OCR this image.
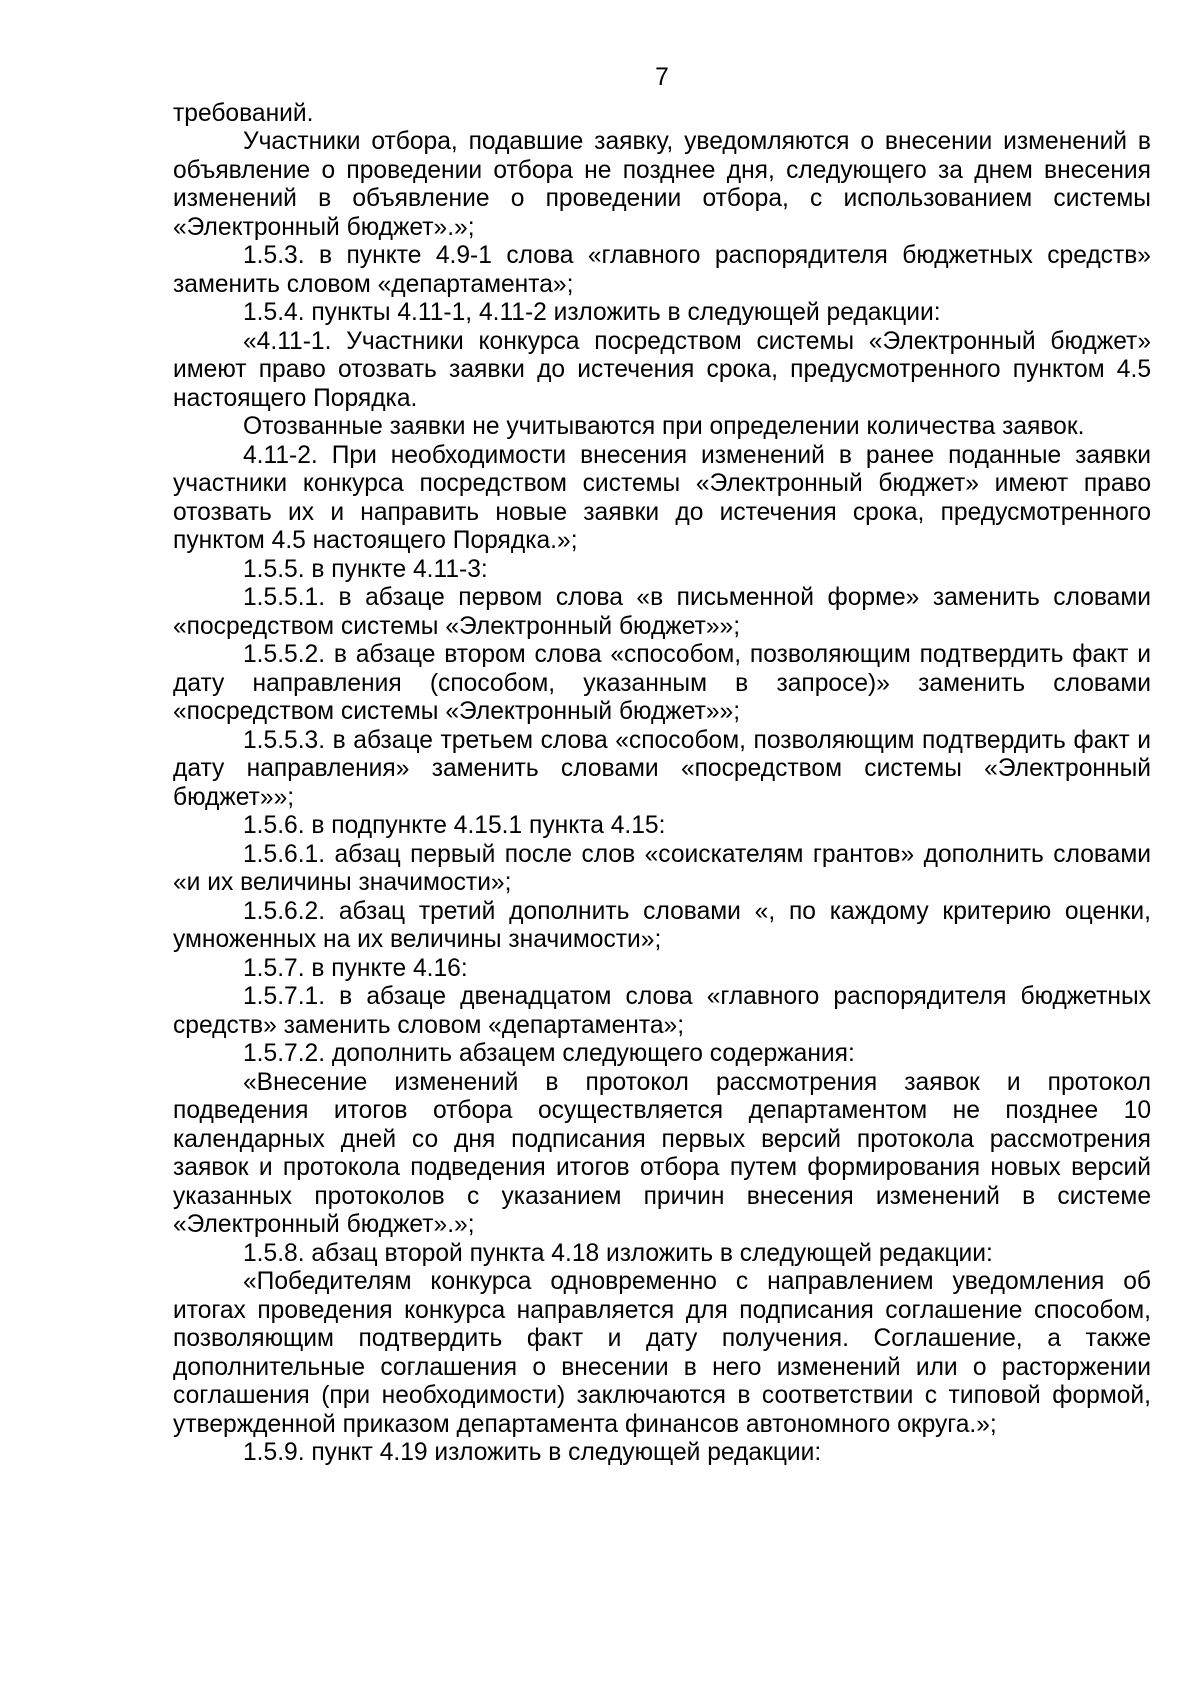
7

требований.

Участники отбора, подавшие заявку, уведомляются о внесении изменений в объявление о проведении отбора не позднее дня, следующего за днем внесения изменений в объявление о проведении отбора, с использованием системы «Электронный бюджет».»;

1.5.3. в пункте 4.9-1 слова «главного распорядителя бюджетных средств» заменить словом «департамента»;

1.5.4. пункты 4.11-1, 4.11-2 изложить в следующей редакции:

«4.11-1. Участники конкурса посредством системы «Электронный бюджет» имеют право отозвать заявки до истечения срока, предусмотренного пунктом 4.5 настоящего Порядка.

Отозванные заявки не учитываются при определении количества заявок.

4.11-2. При необходимости внесения изменений в ранее поданные заявки участники конкурса посредством системы «Электронный бюджет» имеют право отозвать их и направить новые заявки до истечения срока, предусмотренного пунктом 4.5 настоящего Порядка.»;

1.5.5. в пункте 4.11-3:

1.5.5.1. в абзаце первом слова «в письменной форме» заменить словами «посредством системы «Электронный бюджет»»;

1.5.5.2. в абзаце втором слова «способом, позволяющим подтвердить факт и дату направления (способом, указанным в запросе)» заменить словами «посредством системы «Электронный бюджет»»;

1.5.5.3. в абзаце третьем слова «способом, позволяющим подтвердить факт и дату направления» заменить словами «посредством системы «Электронный бюджет»»;

1.5.6. в подпункте 4.15.1 пункта 4.15:

1.5.6.1. абзац первый после слов «соискателям грантов» дополнить словами «и их величины значимости»;

1.5.6.2. абзац третий дополнить словами «, по каждому критерию оценки, умноженных на их величины значимости»;

1.5.7. в пункте 4.16:

1.5.7.1. в абзаце двенадцатом слова «главного распорядителя бюджетных средств» заменить словом «департамента»;

1.5.7.2. дополнить абзацем следующего содержания:

«Внесение изменений в протокол рассмотрения заявок и протокол подведения итогов отбора осуществляется департаментом не позднее 10 календарных дней со дня подписания первых версий протокола рассмотрения заявок и протокола подведения итогов отбора путем формирования новых версий указанных протоколов с указанием причин внесения изменений в системе «Электронный бюджет».»;

1.5.8. абзац второй пункта 4.18 изложить в следующей редакции:

«Победителям конкурса одновременно с направлением уведомления об итогах проведения конкурса направляется для подписания соглашение способом, позволяющим подтвердить факт и дату получения. Соглашение, а также дополнительные соглашения о внесении в него изменений или о расторжении соглашения (при необходимости) заключаются в соответствии с типовой формой, утвержденной приказом департамента финансов автономного округа.»;

1.5.9. пункт 4.19 изложить в следующей редакции:
